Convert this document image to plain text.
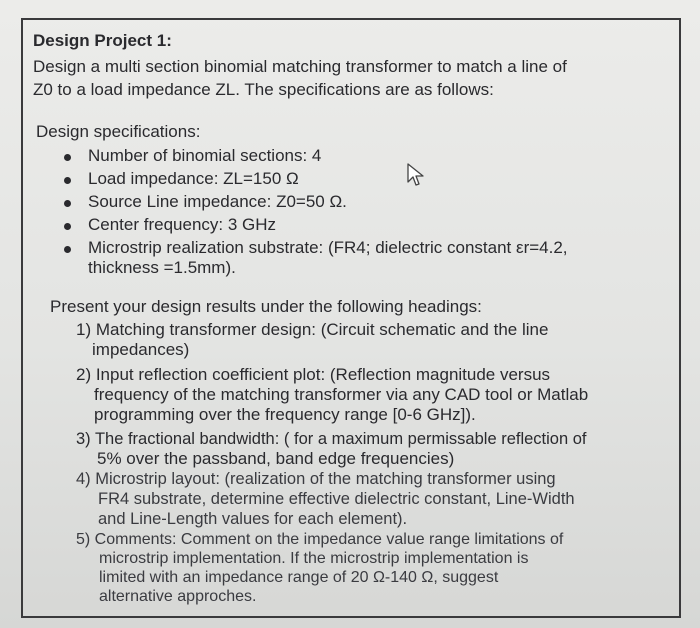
Design Project 1:
Design a multi section binomial matching transformer to match a line of
Z0 to a load impedance ZL. The specifications are as follows:
Design specifications:
Number of binomial sections: 4
Load impedance: ZL=150 Ω
Source Line impedance: Z0=50 Ω.
Center frequency: 3 GHz
Microstrip realization substrate: (FR4; dielectric constant εr=4.2,
thickness =1.5mm).
Present your design results under the following headings:
1) Matching transformer design: (Circuit schematic and the line
impedances)
2) Input reflection coefficient plot: (Reflection magnitude versus
frequency of the matching transformer via any CAD tool or Matlab
programming over the frequency range [0-6 GHz]).
3) The fractional bandwidth: ( for a maximum permissable reflection of
5% over the passband, band edge frequencies)
4) Microstrip layout: (realization of the matching transformer using
FR4 substrate, determine effective dielectric constant, Line-Width
and Line-Length values for each element).
5) Comments: Comment on the impedance value range limitations of
microstrip implementation. If the microstrip implementation is
limited with an impedance range of 20 Ω-140 Ω, suggest
alternative approches.
